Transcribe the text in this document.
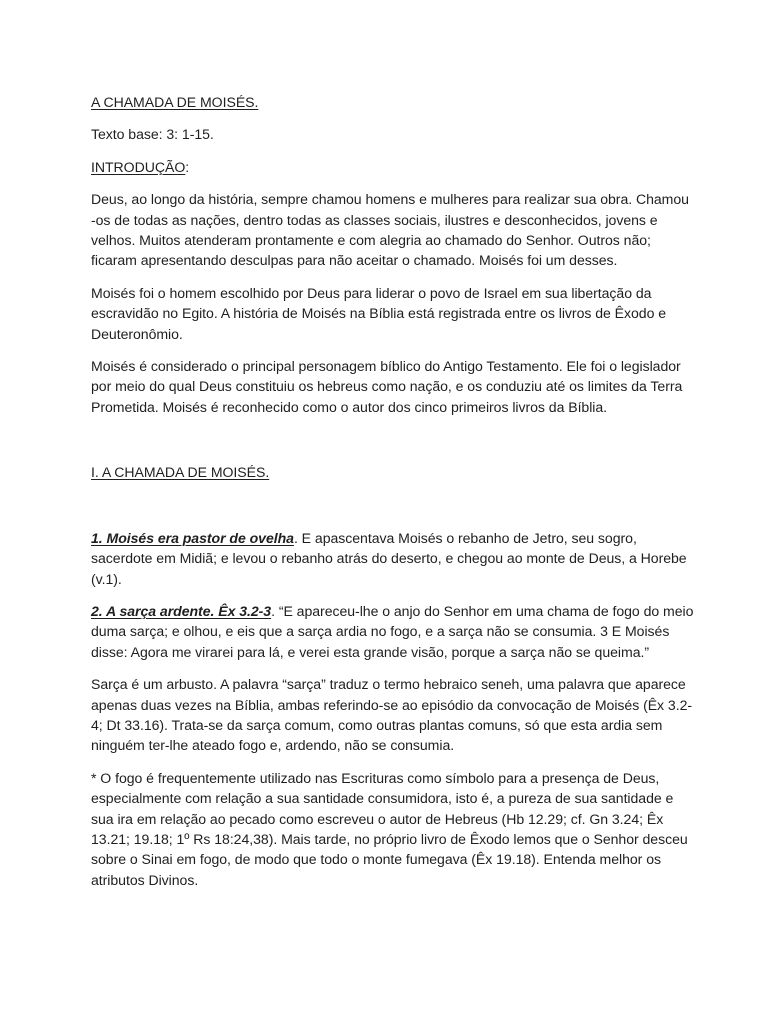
A CHAMADA DE MOISÉS.

Texto base: 3: 1-15.

INTRODUÇÃO:

Deus, ao longo da história, sempre chamou homens e mulheres para realizar sua obra. Chamou

-os de todas as nações, dentro todas as classes sociais, ilustres e desconhecidos, jovens e

velhos. Muitos atenderam prontamente e com alegria ao chamado do Senhor. Outros não;

ficaram apresentando desculpas para não aceitar o chamado. Moisés foi um desses.

Moisés foi o homem escolhido por Deus para liderar o povo de Israel em sua libertação da

escravidão no Egito. A história de Moisés na Bíblia está registrada entre os livros de Êxodo e

Deuteronômio.

Moisés é considerado o principal personagem bíblico do Antigo Testamento. Ele foi o legislador

por meio do qual Deus constituiu os hebreus como nação, e os conduziu até os limites da Terra

Prometida. Moisés é reconhecido como o autor dos cinco primeiros livros da Bíblia.

I. A CHAMADA DE MOISÉS.

1. Moisés era pastor de ovelha. E apascentava Moisés o rebanho de Jetro, seu sogro,

sacerdote em Midiã; e levou o rebanho atrás do deserto, e chegou ao monte de Deus, a Horebe

(v.1).

2. A sarça ardente. Êx 3.2-3. “E apareceu-lhe o anjo do Senhor em uma chama de fogo do meio

duma sarça; e olhou, e eis que a sarça ardia no fogo, e a sarça não se consumia. 3 E Moisés

disse: Agora me virarei para lá, e verei esta grande visão, porque a sarça não se queima.”

Sarça é um arbusto. A palavra “sarça” traduz o termo hebraico seneh, uma palavra que aparece

apenas duas vezes na Bíblia, ambas referindo-se ao episódio da convocação de Moisés (Êx 3.2-

4; Dt 33.16). Trata-se da sarça comum, como outras plantas comuns, só que esta ardia sem

ninguém ter-lhe ateado fogo e, ardendo, não se consumia.

* O fogo é frequentemente utilizado nas Escrituras como símbolo para a presença de Deus,

especialmente com relação a sua santidade consumidora, isto é, a pureza de sua santidade e

sua ira em relação ao pecado como escreveu o autor de Hebreus (Hb 12.29; cf. Gn 3.24; Êx

13.21; 19.18; 1º Rs 18:24,38). Mais tarde, no próprio livro de Êxodo lemos que o Senhor desceu

sobre o Sinai em fogo, de modo que todo o monte fumegava (Êx 19.18). Entenda melhor os

atributos Divinos.
